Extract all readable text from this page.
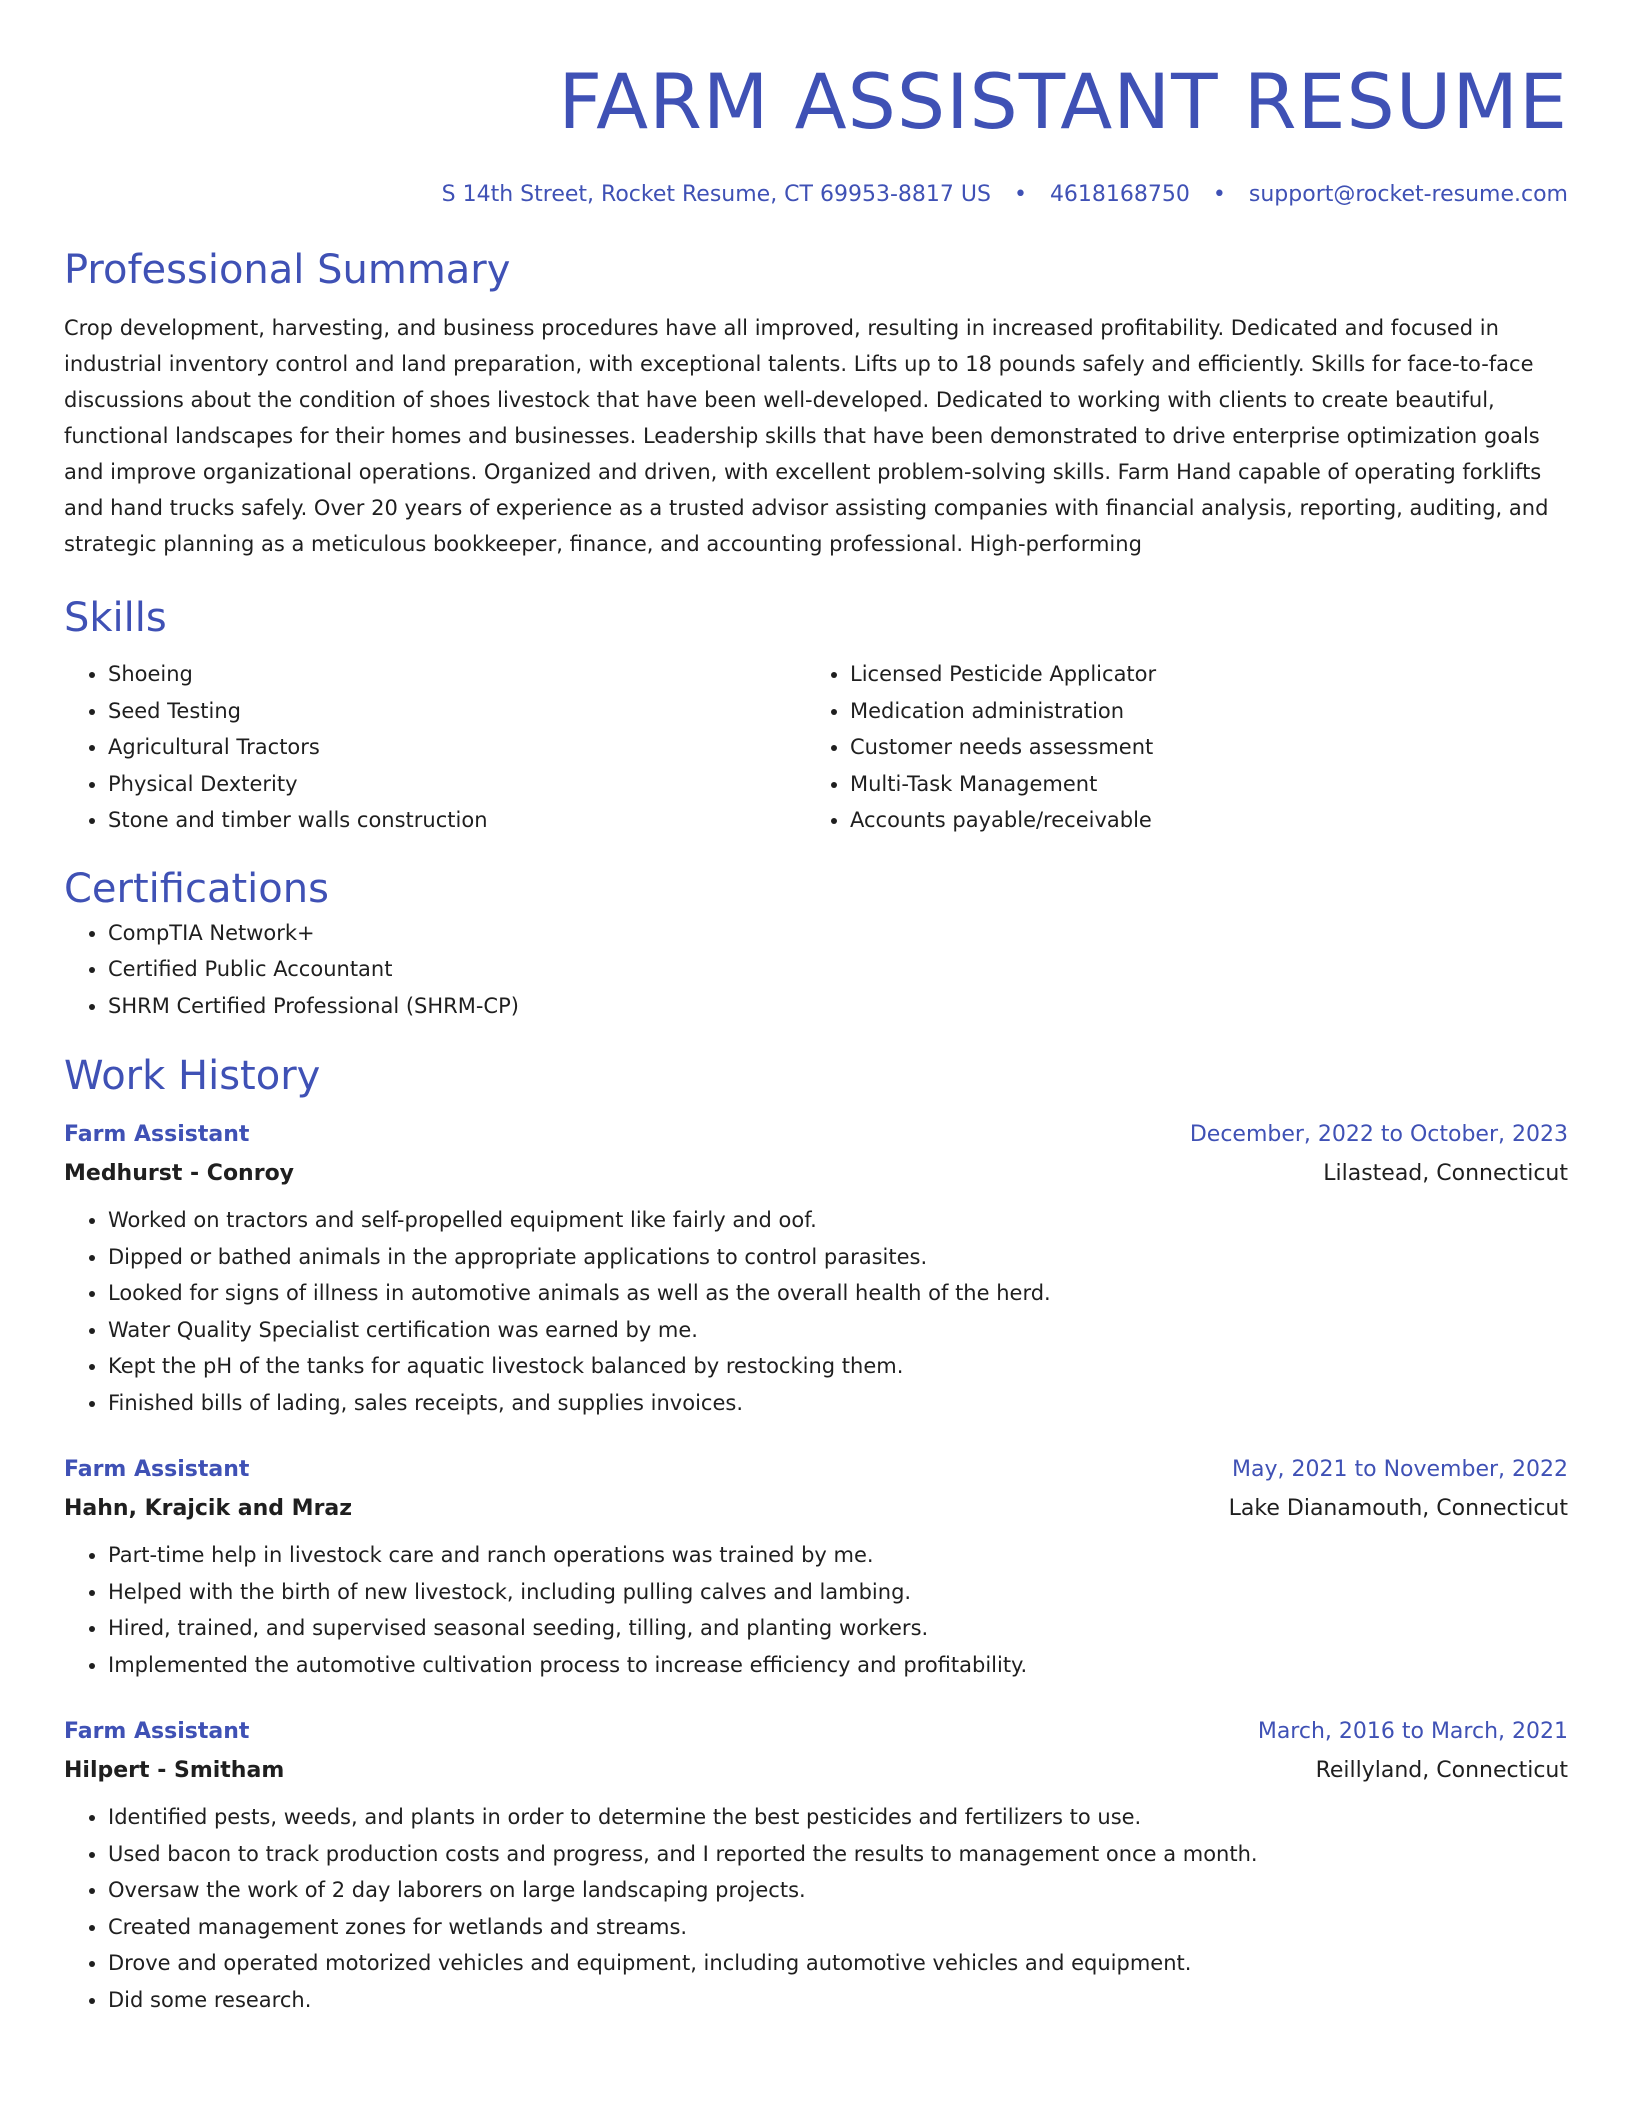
FARM ASSISTANT RESUME
S 14th Street, Rocket Resume, CT 69953-8817 US • 4618168750 • support@rocket-resume.com
Professional Summary
Crop development, harvesting, and business procedures have all improved, resulting in increased profitability. Dedicated and focused in industrial inventory control and land preparation, with exceptional talents. Lifts up to 18 pounds safely and efficiently. Skills for face-to-face discussions about the condition of shoes livestock that have been well-developed. Dedicated to working with clients to create beautiful, functional landscapes for their homes and businesses. Leadership skills that have been demonstrated to drive enterprise optimization goals and improve organizational operations. Organized and driven, with excellent problem-solving skills. Farm Hand capable of operating forklifts and hand trucks safely. Over 20 years of experience as a trusted advisor assisting companies with financial analysis, reporting, auditing, and strategic planning as a meticulous bookkeeper, finance, and accounting professional. High-performing
Skills
• Shoeing
• Seed Testing
• Agricultural Tractors
• Physical Dexterity
• Stone and timber walls construction
• Licensed Pesticide Applicator
• Medication administration
• Customer needs assessment
• Multi-Task Management
• Accounts payable/receivable
Certifications
• CompTIA Network+
• Certified Public Accountant
• SHRM Certified Professional (SHRM-CP)
Work History
Farm Assistant	December, 2022 to October, 2023
Medhurst - Conroy	Lilastead, Connecticut
• Worked on tractors and self-propelled equipment like fairly and oof.
• Dipped or bathed animals in the appropriate applications to control parasites.
• Looked for signs of illness in automotive animals as well as the overall health of the herd.
• Water Quality Specialist certification was earned by me.
• Kept the pH of the tanks for aquatic livestock balanced by restocking them.
• Finished bills of lading, sales receipts, and supplies invoices.
Farm Assistant	May, 2021 to November, 2022
Hahn, Krajcik and Mraz	Lake Dianamouth, Connecticut
• Part-time help in livestock care and ranch operations was trained by me.
• Helped with the birth of new livestock, including pulling calves and lambing.
• Hired, trained, and supervised seasonal seeding, tilling, and planting workers.
• Implemented the automotive cultivation process to increase efficiency and profitability.
Farm Assistant	March, 2016 to March, 2021
Hilpert - Smitham	Reillyland, Connecticut
• Identified pests, weeds, and plants in order to determine the best pesticides and fertilizers to use.
• Used bacon to track production costs and progress, and I reported the results to management once a month.
• Oversaw the work of 2 day laborers on large landscaping projects.
• Created management zones for wetlands and streams.
• Drove and operated motorized vehicles and equipment, including automotive vehicles and equipment.
• Did some research.
